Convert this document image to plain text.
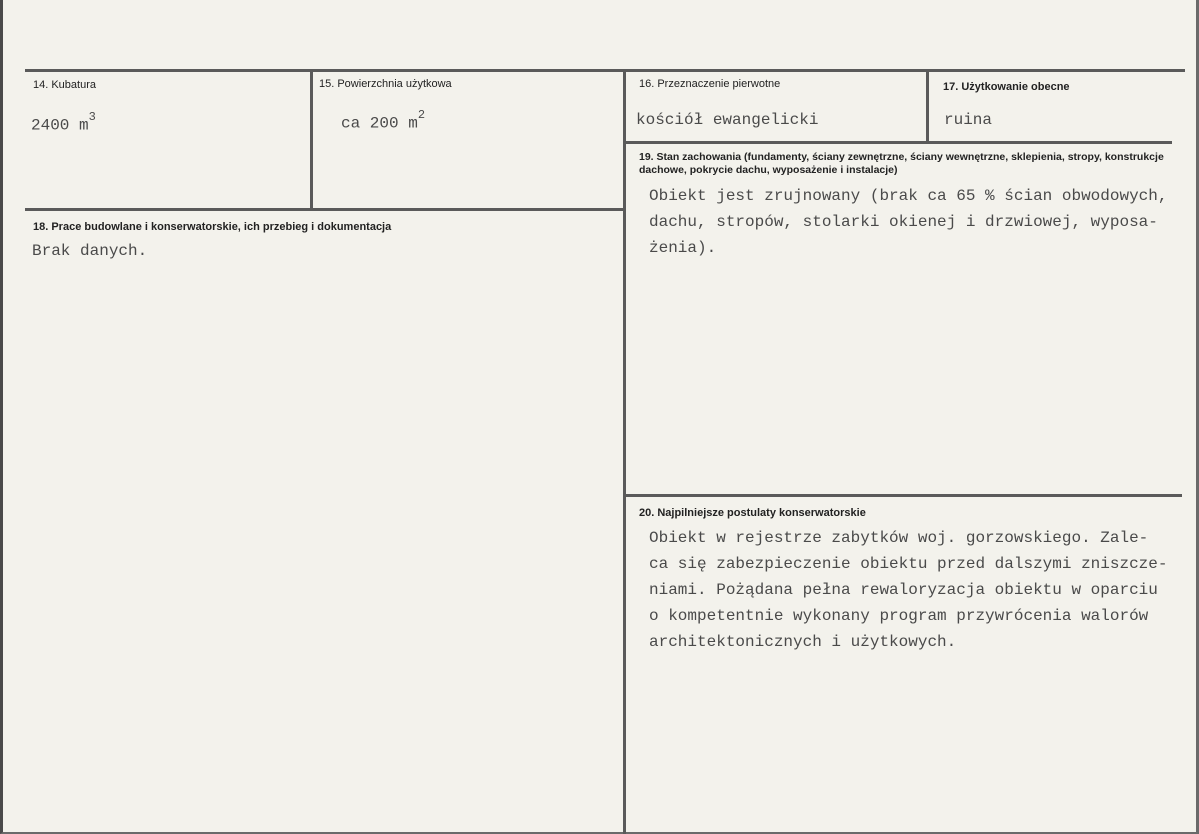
14. Kubatura
2400 $m^3$
15. Powierzchnia użytkowa
ca 200 $m^2$
16. Przeznaczenie pierwotne
kościół ewangelicki
17. Użytkowanie obecne
ruina
18. Prace budowlane i konserwatorskie, ich przebieg i dokumentacja
Brak danych.
19. Stan zachowania (fundamenty, ściany zewnętrzne, ściany wewnętrzne, sklepienia, stropy, konstrukcje dachowe, pokrycie dachu, wyposażenie i instalacje)
Obiekt jest zrujnowany (brak ca 65 % ścian obwodowych,
dachu, stropów, stolarki okienej i drzwiowej, wyposa-
żenia).
20. Najpilniejsze postulaty konserwatorskie
Obiekt w rejestrze zabytków woj. gorzowskiego. Zale-
ca się zabezpieczenie obiektu przed dalszymi zniszcze-
niami. Pożądana pełna rewaloryzacja obiektu w oparciu
o kompetentnie wykonany program przywrócenia walorów
architektonicznych i użytkowych.
